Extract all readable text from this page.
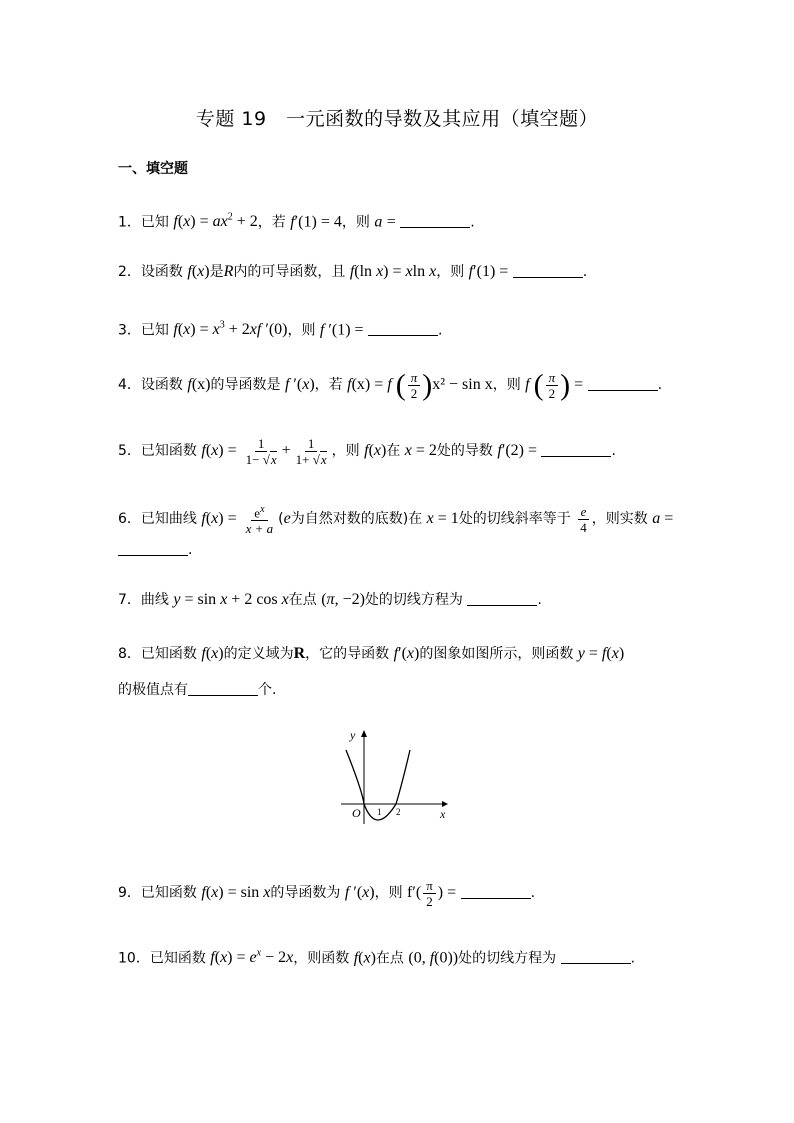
专题 19　一元函数的导数及其应用（填空题）
一、填空题
1．已知 $f(x) = ax^2 + 2$，若 f′(1) = 4，则 a =	.
2．设函数 f(x)是R内的可导函数，且 f(ln x) = xln x，则 f′(1) =	.
3．已知 $f(x) = x^3 + 2xf$ ′(0)，则 f ′(1) =	.
4．设函数 f(x)的导函数是 f ′(x)，若 f(x) = f ( $\frac{\pi}{2} )x^2 - \sin x$，则 f ( $\frac{\pi}{2}$ ) =	.
5．已知函数 $f(x) = \frac{1}{1- √x} + \frac{1}{1+ √x}$ ，则 f(x)在 x = 2处的导数 f′(2) =	.
6．已知曲线 $f(x) = \frac{e^x}{x + a} (e$为自然对数的底数)在 x = 1处的切线斜率等于 $\frac{e}{4}$ ，则实数 a =
.
7．曲线 y = sin x + 2 cos x在点 (π, −2)处的切线方程为	.
8．已知函数 f(x)的定义域为R，它的导函数 f′(x)的图象如图所示，则函数 y = f(x)
的极值点有	个.
y
x
O 1 2
9．已知函数 f(x) = sin x的导函数为 f ′(x)，则 $f'( \frac{\pi}{2}$ ) =	.
10．已知函数 $f(x) = e^x - 2x$，则函数 f(x)在点 (0, f(0))处的切线方程为	.
